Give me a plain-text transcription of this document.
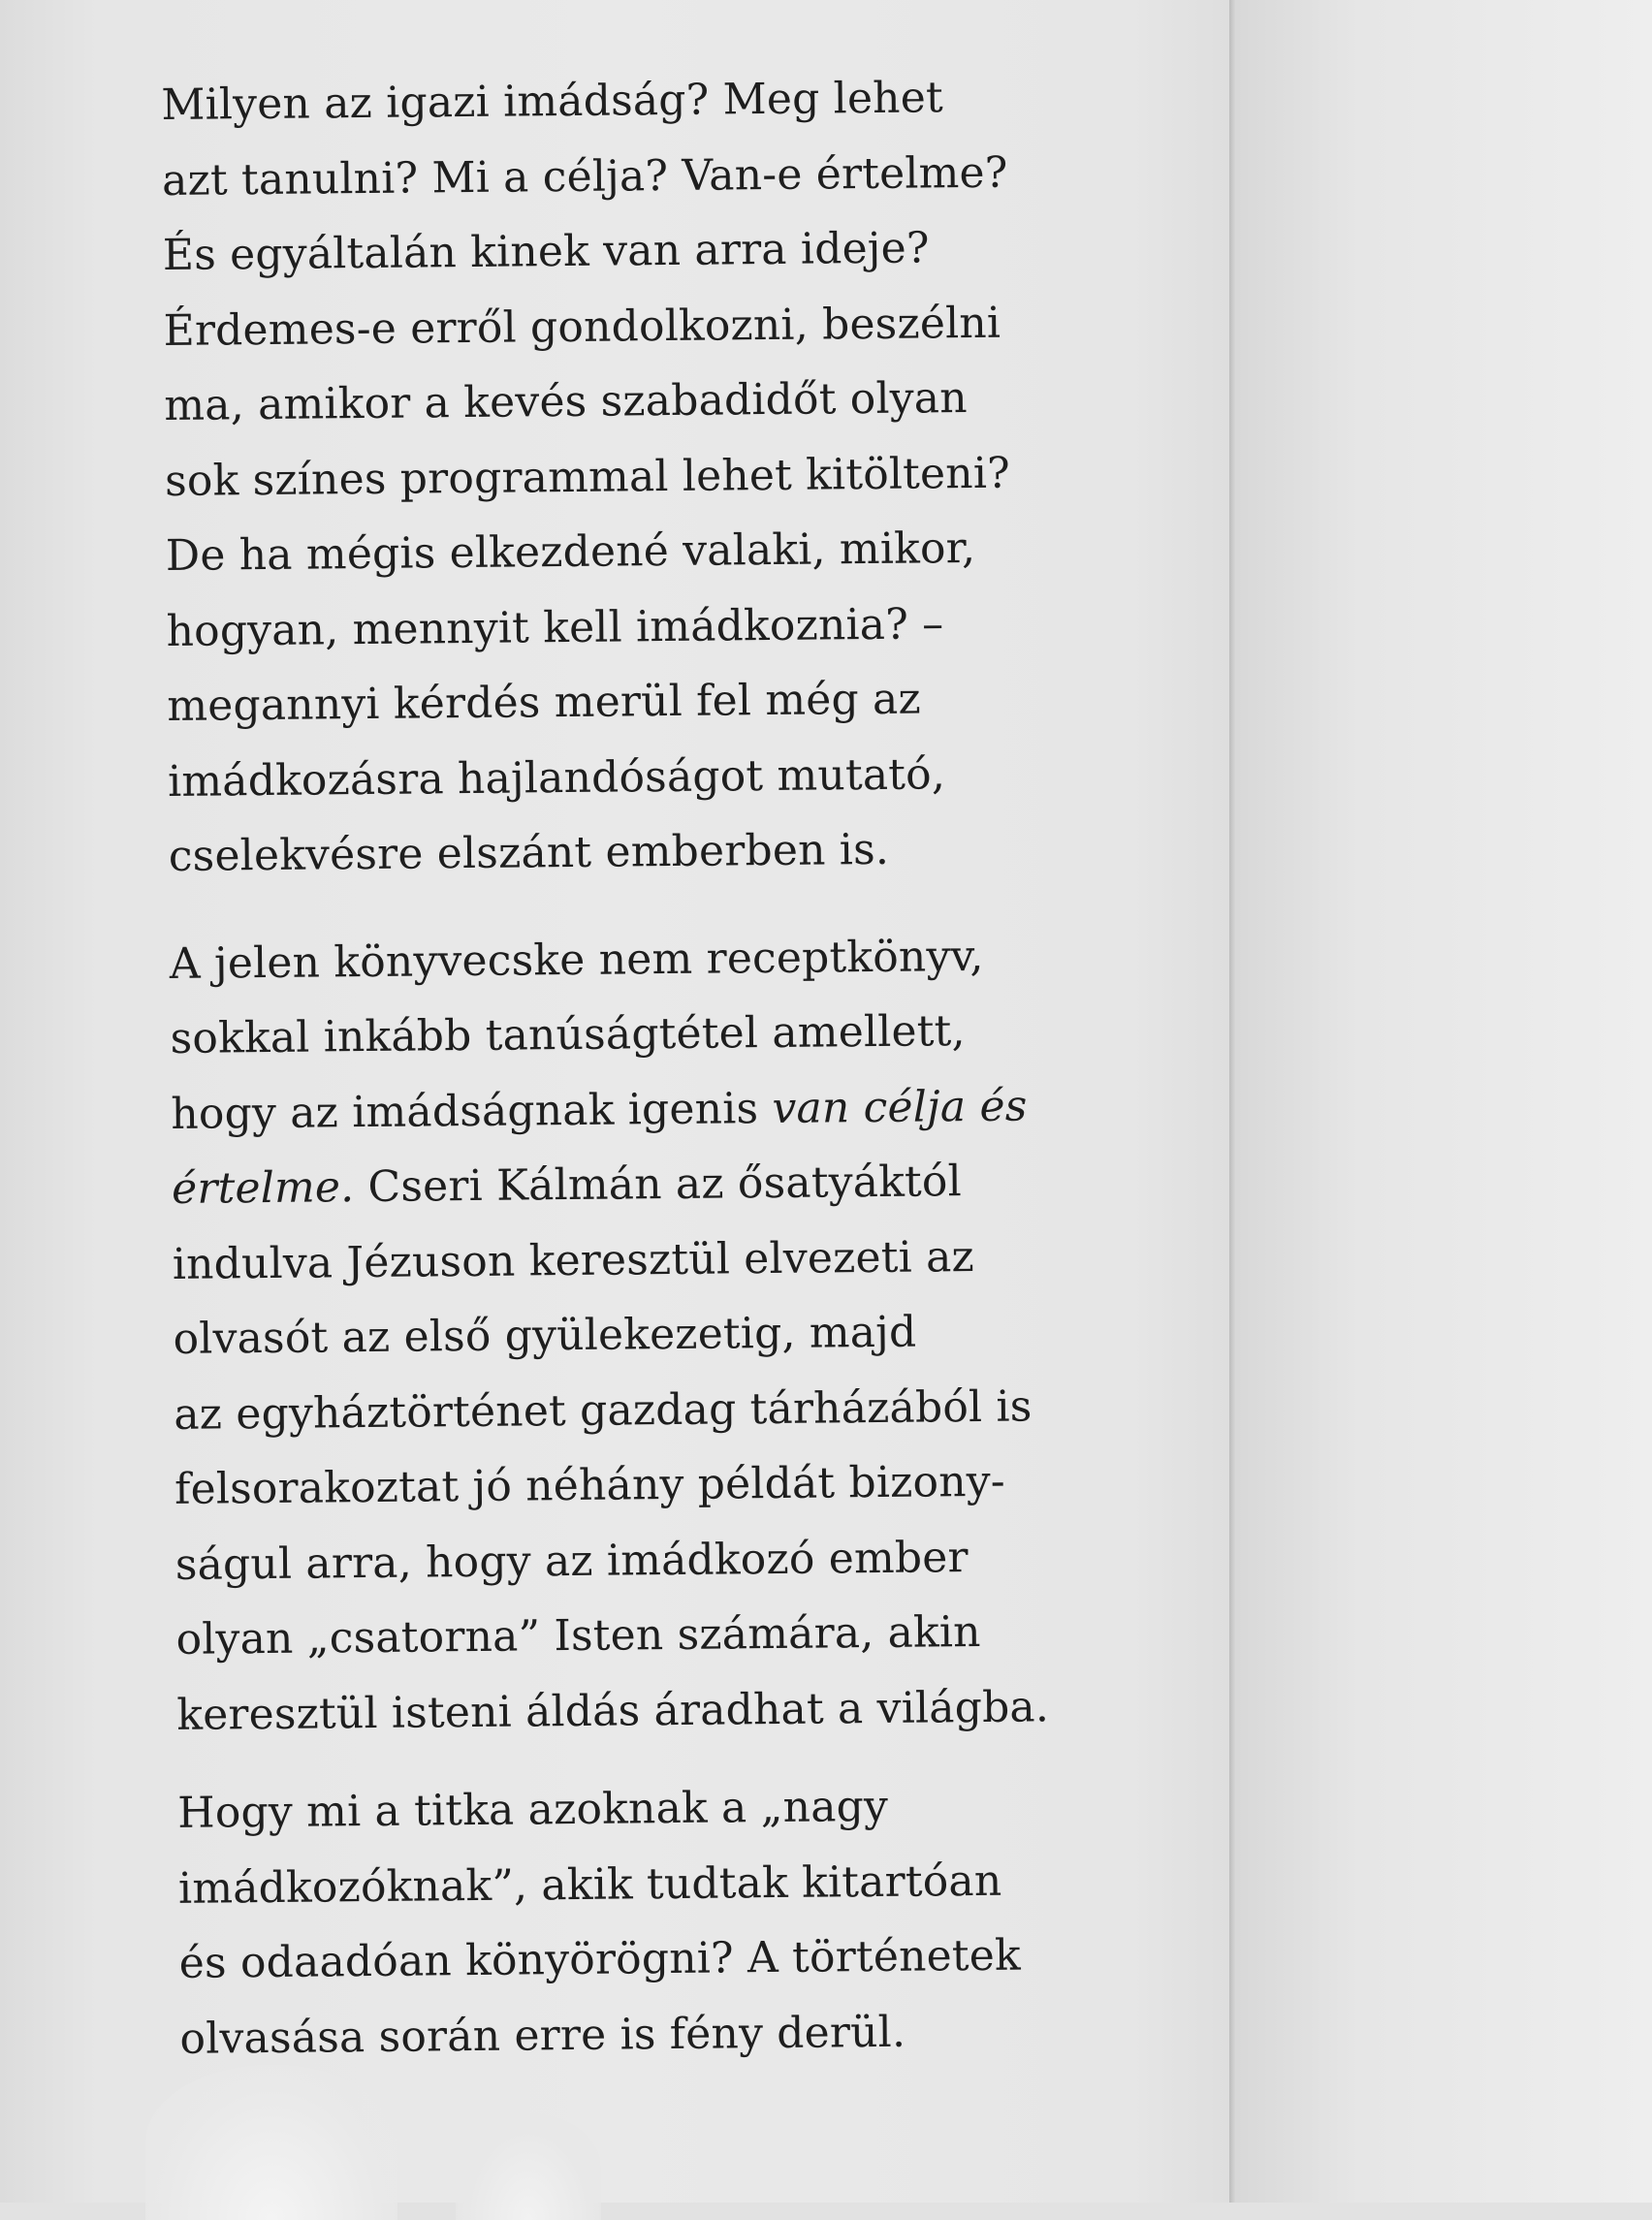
Milyen az igazi imádság? Meg lehet
azt tanulni? Mi a célja? Van-e értelme?
És egyáltalán kinek van arra ideje?
Érdemes-e erről gondolkozni, beszélni
ma, amikor a kevés szabadidőt olyan
sok színes programmal lehet kitölteni?
De ha mégis elkezdené valaki, mikor,
hogyan, mennyit kell imádkoznia? –
megannyi kérdés merül fel még az
imádkozásra hajlandóságot mutató,
cselekvésre elszánt emberben is.

A jelen könyvecske nem receptkönyv,
sokkal inkább tanúságtétel amellett,
hogy az imádságnak igenis van célja és
értelme. Cseri Kálmán az ősatyáktól
indulva Jézuson keresztül elvezeti az
olvasót az első gyülekezetig, majd
az egyháztörténet gazdag tárházából is
felsorakoztat jó néhány példát bizony-
ságul arra, hogy az imádkozó ember
olyan „csatorna” Isten számára, akin
keresztül isteni áldás áradhat a világba.

Hogy mi a titka azoknak a „nagy
imádkozóknak”, akik tudtak kitartóan
és odaadóan könyörögni? A történetek
olvasása során erre is fény derül.
